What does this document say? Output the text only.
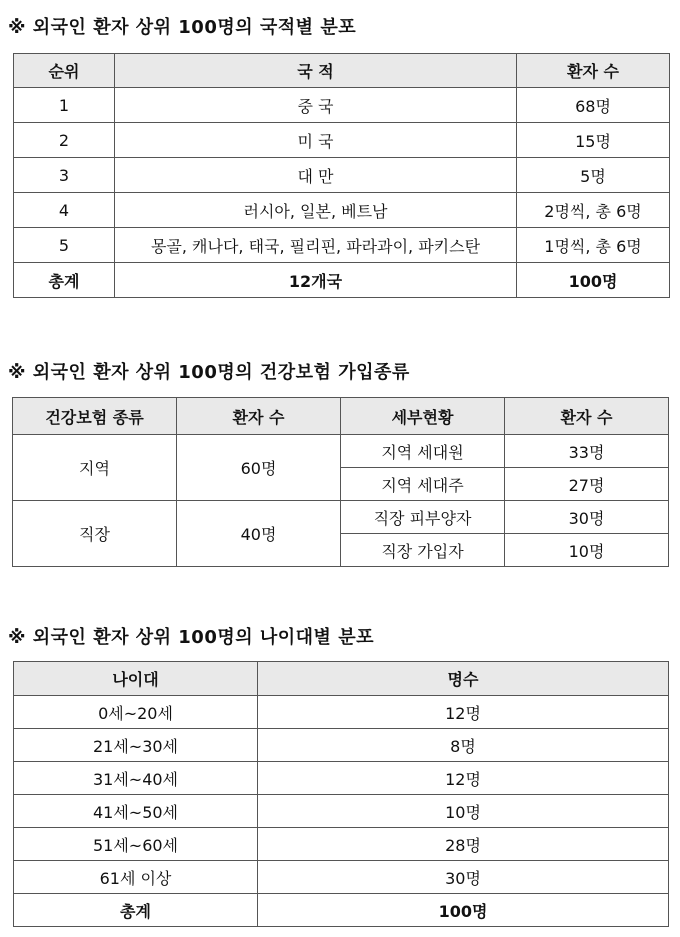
※ 외국인 환자 상위 100명의 국적별 분포
순위	국 적	환자 수
1	중 국	68명
2	미 국	15명
3	대 만	5명
4	러시아, 일본, 베트남	2명씩, 총 6명
5	몽골, 캐나다, 태국, 필리핀, 파라과이, 파키스탄	1명씩, 총 6명
총계	12개국	100명
※ 외국인 환자 상위 100명의 건강보험 가입종류
건강보험 종류	환자 수	세부현황	환자 수
지역	60명	지역 세대원	33명
		지역 세대주	27명
직장	40명	직장 피부양자	30명
		직장 가입자	10명
※ 외국인 환자 상위 100명의 나이대별 분포
나이대	명수
0세~20세	12명
21세~30세	8명
31세~40세	12명
41세~50세	10명
51세~60세	28명
61세 이상	30명
총계	100명
